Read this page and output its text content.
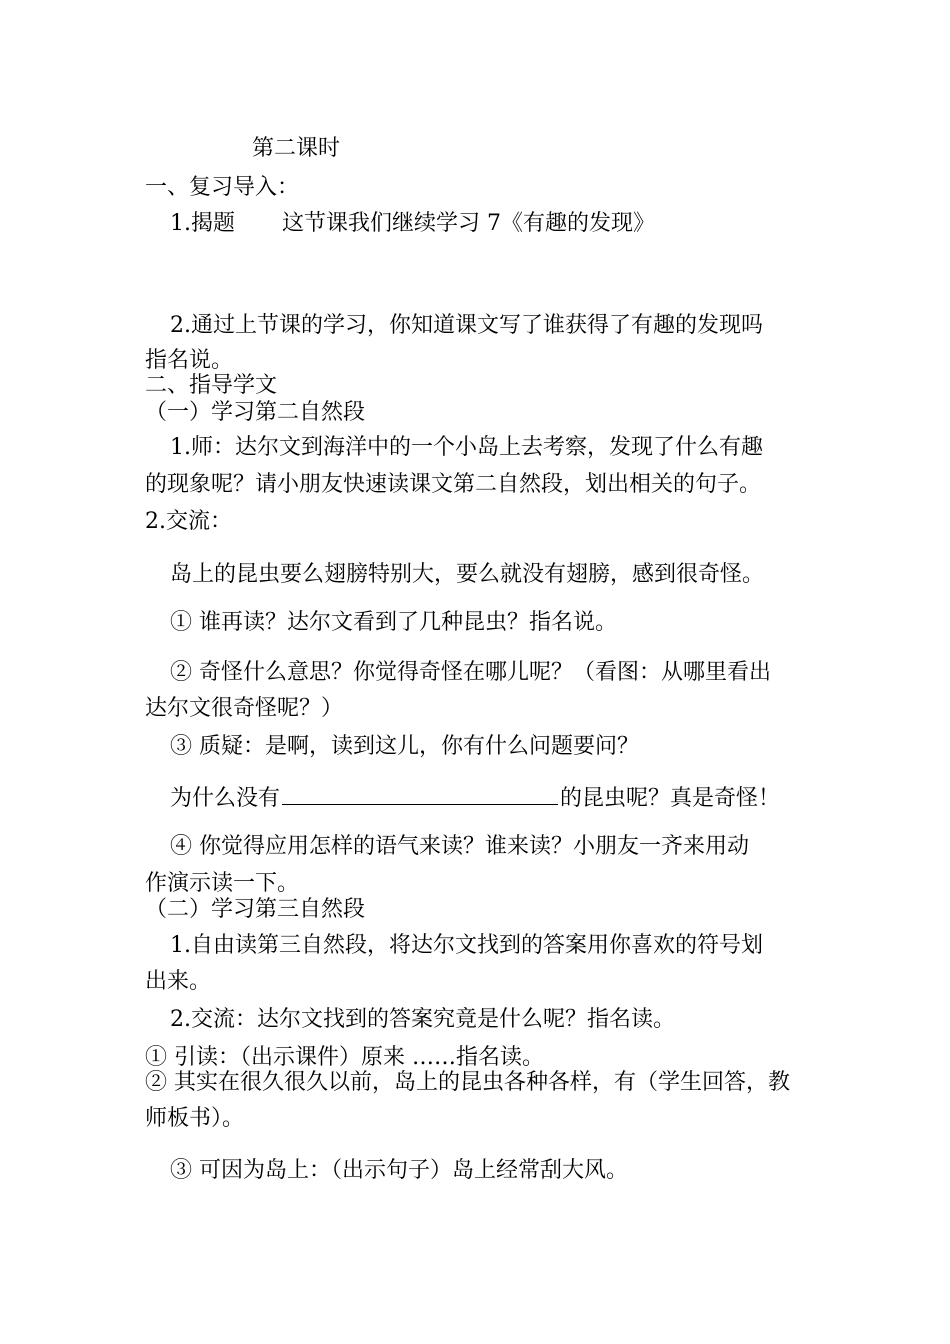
第二课时
一、复习导入：
1.揭题 这节课我们继续学习 7《有趣的发现》
2.通过上节课的学习，你知道课文写了谁获得了有趣的发现吗
指名说。
二、指导学文
（一）学习第二自然段
1.师：达尔文到海洋中的一个小岛上去考察，发现了什么有趣
的现象呢？请小朋友快速读课文第二自然段，划出相关的句子。
2.交流：
岛上的昆虫要么翅膀特别大，要么就没有翅膀，感到很奇怪。
① 谁再读？达尔文看到了几种昆虫？指名说。
② 奇怪什么意思？你觉得奇怪在哪儿呢？（看图：从哪里看出
达尔文很奇怪呢？）
③ 质疑：是啊，读到这儿，你有什么问题要问？
为什么没有	的昆虫呢？真是奇怪！
④ 你觉得应用怎样的语气来读？谁来读？小朋友一齐来用动
作演示读一下。
（二）学习第三自然段
1.自由读第三自然段，将达尔文找到的答案用你喜欢的符号划
出来。
2.交流：达尔文找到的答案究竟是什么呢？指名读。
① 引读：（出示课件）原来 ……指名读。
② 其实在很久很久以前，岛上的昆虫各种各样，有（学生回答，教
师板书）。
③ 可因为岛上：（出示句子）岛上经常刮大风。
